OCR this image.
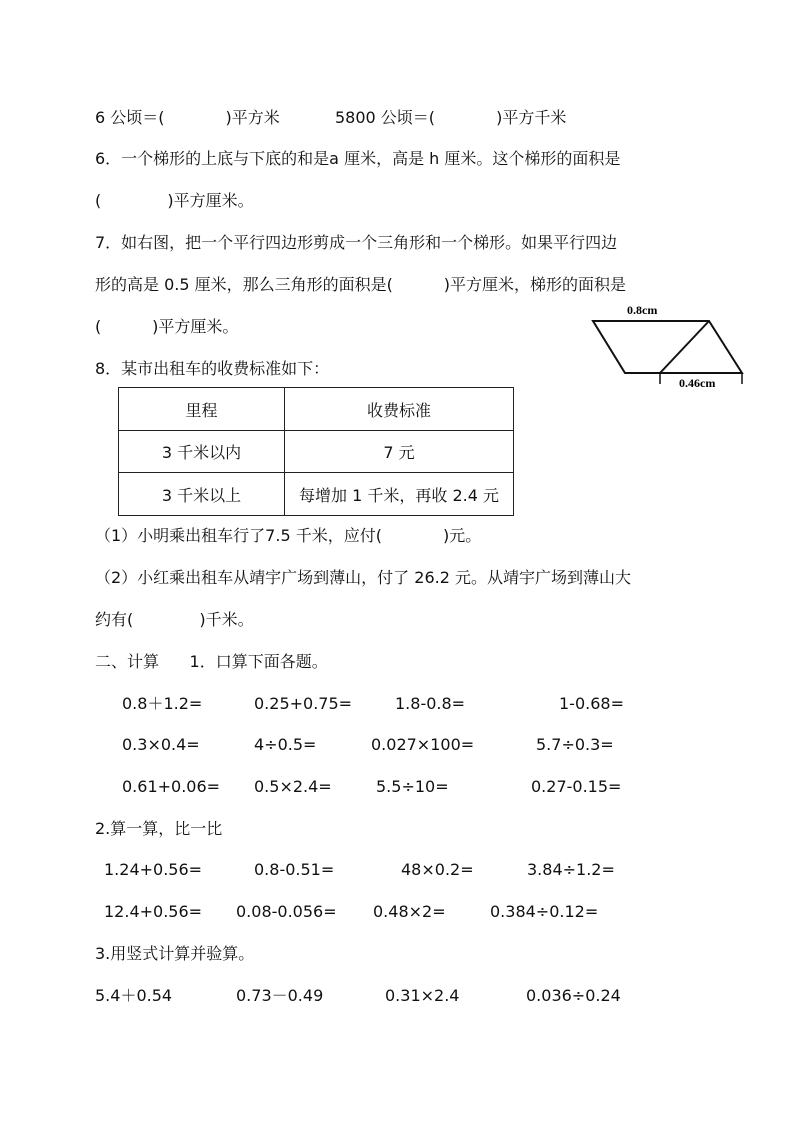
6 公顷＝(            )平方米	5800 公顷＝(            )平方千米
6．一个梯形的上底与下底的和是a 厘米，高是 h 厘米。这个梯形的面积是
(             )平方厘米。
7．如右图，把一个平行四边形剪成一个三角形和一个梯形。如果平行四边
形的高是 0.5 厘米，那么三角形的面积是(          )平方厘米，梯形的面积是
(          )平方厘米。
0.8cm
0.46cm
8．某市出租车的收费标准如下：
里程	收费标准
3 千米以内	7 元
3 千米以上	每增加 1 千米，再收 2.4 元
（1）小明乘出租车行了7.5 千米，应付(            )元。
（2）小红乘出租车从靖宇广场到薄山，付了 26.2 元。从靖宇广场到薄山大
约有(             )千米。
二、计算      1．口算下面各题。
0.8＋1.2=	0.25+0.75=	1.8-0.8=	1-0.68=
0.3×0.4=	4÷0.5=	0.027×100=	5.7÷0.3=
0.61+0.06= 0.5×2.4=	5.5÷10=	0.27-0.15=
2.算一算，比一比
1.24+0.56=	0.8-0.51=	48×0.2=	3.84÷1.2=
12.4+0.56= 0.08-0.056= 0.48×2=	0.384÷0.12=
3.用竖式计算并验算。
5.4＋0.54	0.73－0.49	0.31×2.4	0.036÷0.24
